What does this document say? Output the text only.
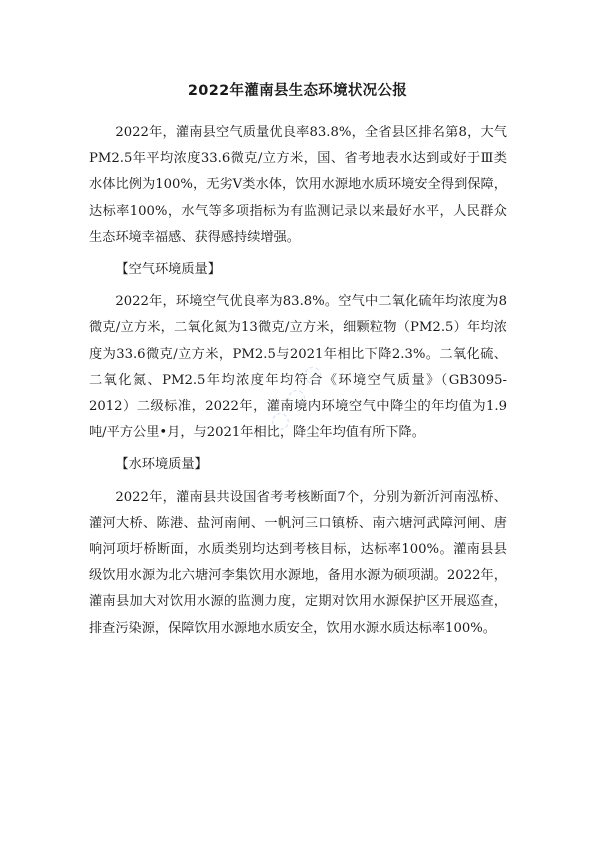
2022年灌南县生态环境状况公报

2022年，灌南县空气质量优良率83.8%，全省县区排名第8，大气PM2.5年平均浓度33.6微克/立方米，国、省考地表水达到或好于Ⅲ类水体比例为100%，无劣Ⅴ类水体，饮用水源地水质环境安全得到保障，达标率100%，水气等多项指标为有监测记录以来最好水平，人民群众生态环境幸福感、获得感持续增强。

【空气环境质量】

2022年，环境空气优良率为83.8%。空气中二氧化硫年均浓度为8微克/立方米，二氧化氮为13微克/立方米，细颗粒物（PM2.5）年均浓度为33.6微克/立方米，PM2.5与2021年相比下降2.3%。二氧化硫、二氧化氮、PM2.5年均浓度年均符合《环境空气质量》（GB3095-2012）二级标准，2022年，灌南境内环境空气中降尘的年均值为1.9吨/平方公里•月，与2021年相比，降尘年均值有所下降。

【水环境质量】

2022年，灌南县共设国省考考核断面7个，分别为新沂河南泓桥、灌河大桥、陈港、盐河南闸、一帆河三口镇桥、南六塘河武障河闸、唐响河项圩桥断面，水质类别均达到考核目标，达标率100%。灌南县县级饮用水源为北六塘河李集饮用水源地，备用水源为硕项湖。2022年，灌南县加大对饮用水源的监测力度，定期对饮用水源保护区开展巡查，排查污染源，保障饮用水源地水质安全，饮用水源水质达标率100%。

◌ ◌ ◌
